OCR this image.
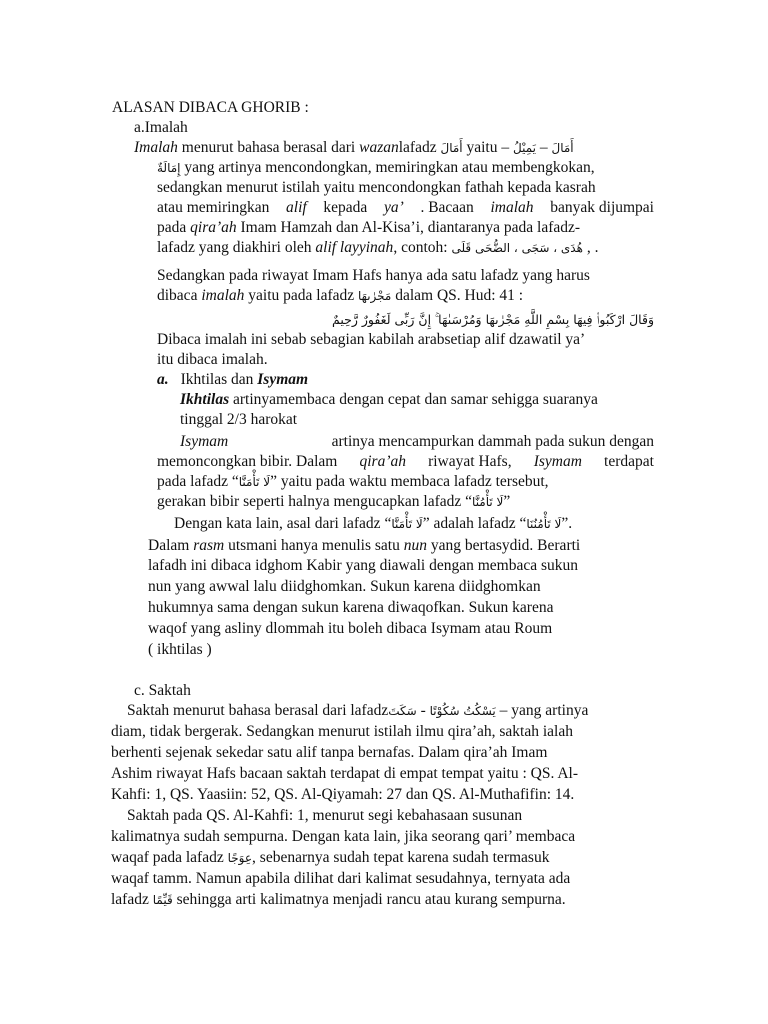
ALASAN DIBACA GHORIB :
a.Imalah
Imalah menurut bahasa berasal dari wazanlafadz أَمَالَ yaitu – يَمِيْلُ – أَمَالَ
إِمَالَةٌ yang artinya mencondongkan, memiringkan atau membengkokan,
sedangkan menurut istilah yaitu mencondongkan fathah kepada kasrah
atau memiringkan alif kepada ya’ . Bacaan imalah banyak dijumpai
pada qira’ah Imam Hamzah dan Al-Kisa’i, diantaranya pada lafadz-
lafadz yang diakhiri oleh alif layyinah, contoh: هُدَى ، سَجَى ، الضُّحَى قَلَى , .
Sedangkan pada riwayat Imam Hafs hanya ada satu lafadz yang harus
dibaca imalah yaitu pada lafadz مَجْرٰىهَا dalam QS. Hud: 41 :
وَقَالَ ارْكَبُوا۟ فِيهَا بِسْمِ اللَّهِ مَجْرٰىهَا وَمُرْسَىٰهَا ۚ إِنَّ رَبِّى لَغَفُورٌ رَّحِيمٌ
Dibaca imalah ini sebab sebagian kabilah arabsetiap alif dzawatil ya’
itu dibaca imalah.
a. Ikhtilas dan Isymam
Ikhtilas artinyamembaca dengan cepat dan samar sehigga suaranya
tinggal 2/3 harokat
Isymam	artinya mencampurkan dammah pada sukun dengan
memoncongkan bibir. Dalam qira’ah riwayat Hafs, Isymam terdapat
pada lafadz “لَا تَأْمَنَّا” yaitu pada waktu membaca lafadz tersebut,
gerakan bibir seperti halnya mengucapkan lafadz “لَا تَأْمُنَّا”
Dengan kata lain, asal dari lafadz “لَا تَأْمَنَّا” adalah lafadz “لَا تَأْمُنُنَا”.
Dalam rasm utsmani hanya menulis satu nun yang bertasydid. Berarti
lafadh ini dibaca idghom Kabir yang diawali dengan membaca sukun
nun yang awwal lalu diidghomkan. Sukun karena diidghomkan
hukumnya sama dengan sukun karena diwaqofkan. Sukun karena
waqof yang asliny dlommah itu boleh dibaca Isymam atau Roum
( ikhtilas )
c. Saktah
Saktah menurut bahasa berasal dari lafadzسَكَتَ - يَسْكُتُ سُكُوْتًا – yang artinya
diam, tidak bergerak. Sedangkan menurut istilah ilmu qira’ah, saktah ialah
berhenti sejenak sekedar satu alif tanpa bernafas. Dalam qira’ah Imam
Ashim riwayat Hafs bacaan saktah terdapat di empat tempat yaitu : QS. Al-
Kahfi: 1, QS. Yaasiin: 52, QS. Al-Qiyamah: 27 dan QS. Al-Muthafifin: 14.
Saktah pada QS. Al-Kahfi: 1, menurut segi kebahasaan susunan
kalimatnya sudah sempurna. Dengan kata lain, jika seorang qari’ membaca
waqaf pada lafadz عِوَجًا, sebenarnya sudah tepat karena sudah termasuk
waqaf tamm. Namun apabila dilihat dari kalimat sesudahnya, ternyata ada
lafadz قَيِّمًا sehingga arti kalimatnya menjadi rancu atau kurang sempurna.
